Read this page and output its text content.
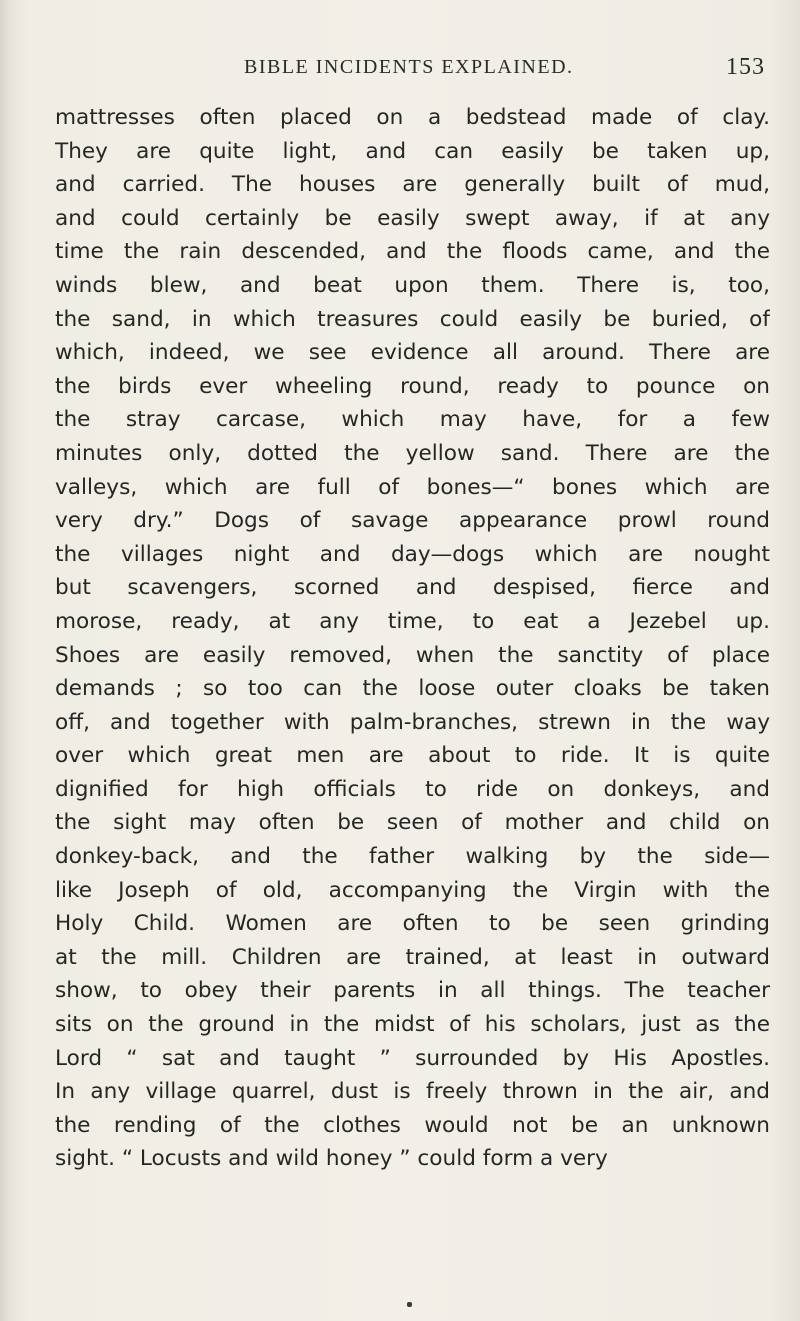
BIBLE INCIDENTS EXPLAINED.	153
mattresses often placed on a bedstead made of clay.
They are quite light, and can easily be taken up,
and carried. The houses are generally built of mud,
and could certainly be easily swept away, if at any
time the rain descended, and the floods came, and the
winds blew, and beat upon them. There is, too,
the sand, in which treasures could easily be buried, of
which, indeed, we see evidence all around. There are
the birds ever wheeling round, ready to pounce on
the stray carcase, which may have, for a few
minutes only, dotted the yellow sand. There are the
valleys, which are full of bones—“ bones which are
very dry.” Dogs of savage appearance prowl round
the villages night and day—dogs which are nought
but scavengers, scorned and despised, fierce and
morose, ready, at any time, to eat a Jezebel up.
Shoes are easily removed, when the sanctity of place
demands ; so too can the loose outer cloaks be taken
off, and together with palm-branches, strewn in the way
over which great men are about to ride. It is quite
dignified for high officials to ride on donkeys, and
the sight may often be seen of mother and child on
donkey-back, and the father walking by the side—
like Joseph of old, accompanying the Virgin with the
Holy Child. Women are often to be seen grinding
at the mill. Children are trained, at least in outward
show, to obey their parents in all things. The teacher
sits on the ground in the midst of his scholars, just as the
Lord “ sat and taught ” surrounded by His Apostles.
In any village quarrel, dust is freely thrown in the air, and
the rending of the clothes would not be an unknown
sight. “ Locusts and wild honey ” could form a very
